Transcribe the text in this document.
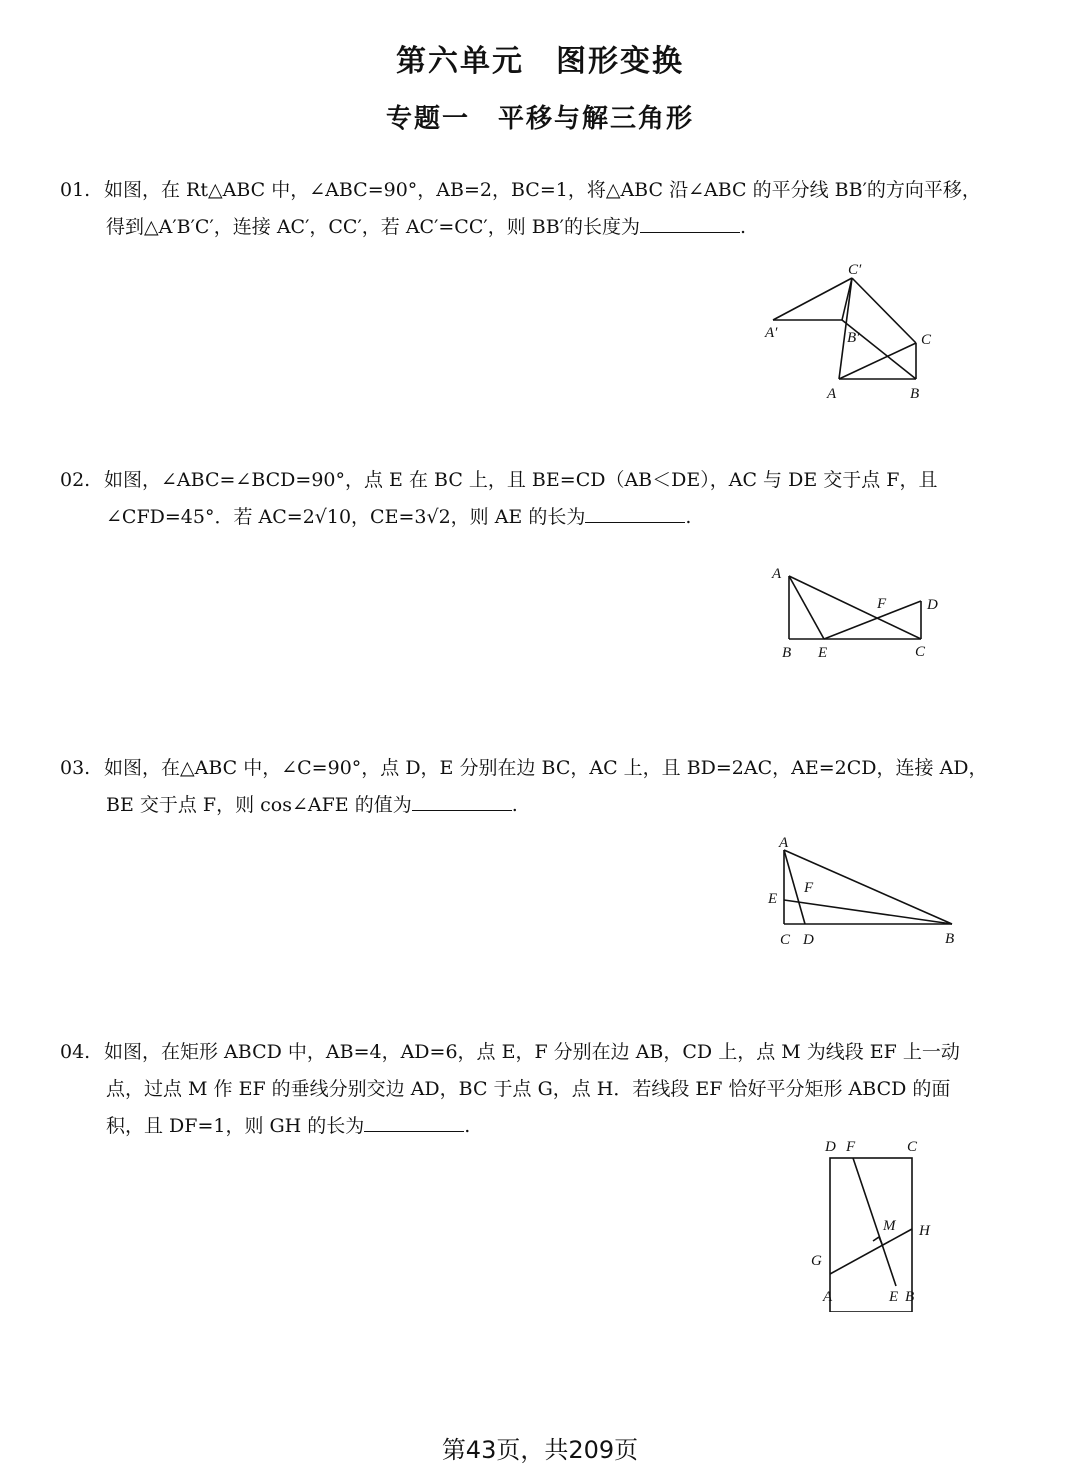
第六单元　图形变换
专题一　平移与解三角形
01. 如图，在 Rt△ABC 中，∠ABC=90°，AB=2，BC=1，将△ABC 沿∠ABC 的平分线 BB′的方向平移，
得到△A′B′C′，连接 AC′，CC′，若 AC′=CC′，则 BB′的长度为	.
C′
A′	B′	C
A	B
02. 如图，∠ABC=∠BCD=90°，点 E 在 BC 上，且 BE=CD（AB＜DE），AC 与 DE 交于点 F，且
∠CFD=45°．若 AC=2√10，CE=3√2，则 AE 的长为	.
A
F	D
B E	C
03. 如图，在△ABC 中，∠C=90°，点 D，E 分别在边 BC，AC 上，且 BD=2AC，AE=2CD，连接 AD，
BE 交于点 F，则 cos∠AFE 的值为	.
A
F
E
C D	B
04. 如图，在矩形 ABCD 中，AB=4，AD=6，点 E，F 分别在边 AB，CD 上，点 M 为线段 EF 上一动
点，过点 M 作 EF 的垂线分别交边 AD，BC 于点 G，点 H．若线段 EF 恰好平分矩形 ABCD 的面
积，且 DF=1，则 GH 的长为	.
D F	C
M H
G
A	E B
第43页，共209页
